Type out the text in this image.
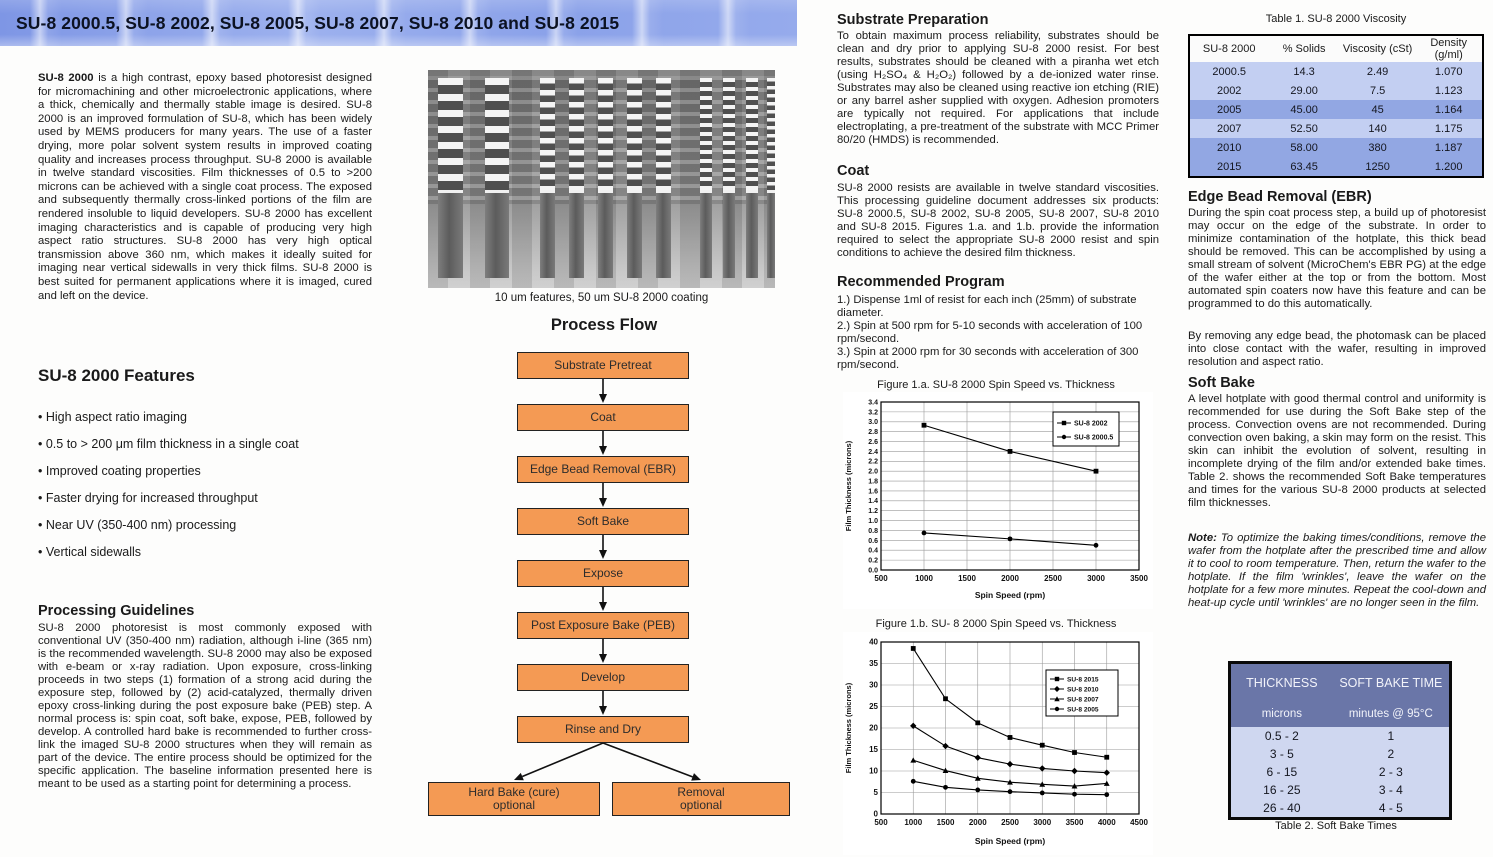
SU-8 2000.5, SU-8 2002, SU-8 2005, SU-8 2007, SU-8 2010 and SU-8 2015
SU-8 2000 is a high contrast, epoxy based photoresist designed for micromachining and other microelectronic applications, where a thick, chemically and thermally stable image is desired. SU-8 2000 is an improved formulation of SU-8, which has been widely used by MEMS producers for many years. The use of a faster drying, more polar solvent system results in improved coating quality and increases process throughput. SU-8 2000 is available in twelve standard viscosities. Film thicknesses of 0.5 to >200 microns can be achieved with a single coat process. The exposed and subsequently thermally cross-linked portions of the film are rendered insoluble to liquid developers. SU-8 2000 has excellent imaging characteristics and is capable of producing very high aspect ratio structures. SU-8 2000 has very high optical transmission above 360 nm, which makes it ideally suited for imaging near vertical sidewalls in very thick films. SU-8 2000 is best suited for permanent applications where it is imaged, cured and left on the device.	10 um features, 50 um SU-8 2000 coating
SU-8 2000 Features
• High aspect ratio imaging
• 0.5 to > 200 μm film thickness in a single coat
• Improved coating properties
• Faster drying for increased throughput
• Near UV (350-400 nm) processing
• Vertical sidewalls
Processing Guidelines
SU-8 2000 photoresist is most commonly exposed with conventional UV (350-400 nm) radiation, although i-line (365 nm) is the recommended wavelength. SU-8 2000 may also be exposed with e-beam or x-ray radiation. Upon exposure, cross-linking proceeds in two steps (1) formation of a strong acid during the exposure step, followed by (2) acid-catalyzed, thermally driven epoxy cross-linking during the post exposure bake (PEB) step. A normal process is: spin coat, soft bake, expose, PEB, followed by develop. A controlled hard bake is recommended to further cross-link the imaged SU-8 2000 structures when they will remain as part of the device. The entire process should be optimized for the specific application. The baseline information presented here is meant to be used as a starting point for determining a process.
Process Flow
Substrate Pretreat
Coat
Edge Bead Removal (EBR)
Soft Bake
Expose
Post Exposure Bake (PEB)
Develop
Rinse and Dry
Hard Bake (cure)
optional
Removal
optional
Substrate Preparation
To obtain maximum process reliability, substrates should be clean and dry prior to applying SU-8 2000 resist. For best results, substrates should be cleaned with a piranha wet etch (using H₂SO₄ & H₂O₂) followed by a de-ionized water rinse. Substrates may also be cleaned using reactive ion etching (RIE) or any barrel asher supplied with oxygen. Adhesion promoters are typically not required. For applications that include electroplating, a pre-treatment of the substrate with MCC Primer 80/20 (HMDS) is recommended.
Coat
SU-8 2000 resists are available in twelve standard viscosities. This processing guideline document addresses six products: SU-8 2000.5, SU-8 2002, SU-8 2005, SU-8 2007, SU-8 2010 and SU-8 2015. Figures 1.a. and 1.b. provide the information required to select the appropriate SU-8 2000 resist and spin conditions to achieve the desired film thickness.
Recommended Program
1.) Dispense 1ml of resist for each inch (25mm) of substrate diameter.
2.) Spin at 500 rpm for 5-10 seconds with acceleration of 100 rpm/second.
3.) Spin at 2000 rpm for 30 seconds with acceleration of 300 rpm/second.
Figure 1.a. SU-8 2000 Spin Speed vs. Thickness
500	1000	1500	2000	2500	3000	3500
0.0
0.2
0.4
0.6
0.8
1.0
1.2
1.4
1.6
1.8
2.0
2.2
2.4
2.6
2.8
3.0
3.2
3.4
Spin Speed (rpm)
Film Thickness (microns)
SU-8 2002
SU-8 2000.5
Figure 1.b. SU- 8 2000 Spin Speed vs. Thickness
500 1000 1500 2000 2500 3000 3500 4000 4500
0
5
10
15
20
25
30
35
40
Spin Speed (rpm)
Film Thickness (microns)
SU-8 2015
SU-8 2010
SU-8 2007
SU-8 2005
Table 1. SU-8 2000 Viscosity
SU-8 2000	% Solids	Viscosity (cSt)	Density (g/ml)
2000.5	14.3	2.49	1.070
2002	29.00	7.5	1.123
2005	45.00	45	1.164
2007	52.50	140	1.175
2010	58.00	380	1.187
2015	63.45	1250	1.200
Edge Bead Removal (EBR)
During the spin coat process step, a build up of photoresist may occur on the edge of the substrate. In order to minimize contamination of the hotplate, this thick bead should be removed. This can be accomplished by using a small stream of solvent (MicroChem's EBR PG) at the edge of the wafer either at the top or from the bottom. Most automated spin coaters now have this feature and can be programmed to do this automatically.
By removing any edge bead, the photomask can be placed into close contact with the wafer, resulting in improved resolution and aspect ratio.
Soft Bake
A level hotplate with good thermal control and uniformity is recommended for use during the Soft Bake step of the process. Convection ovens are not recommended. During convection oven baking, a skin may form on the resist. This skin can inhibit the evolution of solvent, resulting in incomplete drying of the film and/or extended bake times. Table 2. shows the recommended Soft Bake temperatures and times for the various SU-8 2000 products at selected film thicknesses.
Note: To optimize the baking times/conditions, remove the wafer from the hotplate after the prescribed time and allow it to cool to room temperature. Then, return the wafer to the hotplate. If the film 'wrinkles', leave the wafer on the hotplate for a few more minutes. Repeat the cool-down and heat-up cycle until 'wrinkles' are no longer seen in the film.
THICKNESS	SOFT BAKE TIME
microns	minutes @ 95°C
0.5 - 2	1
3 - 5	2
6 - 15	2 - 3
16 - 25	3 - 4
26 - 40	4 - 5
Table 2. Soft Bake Times
